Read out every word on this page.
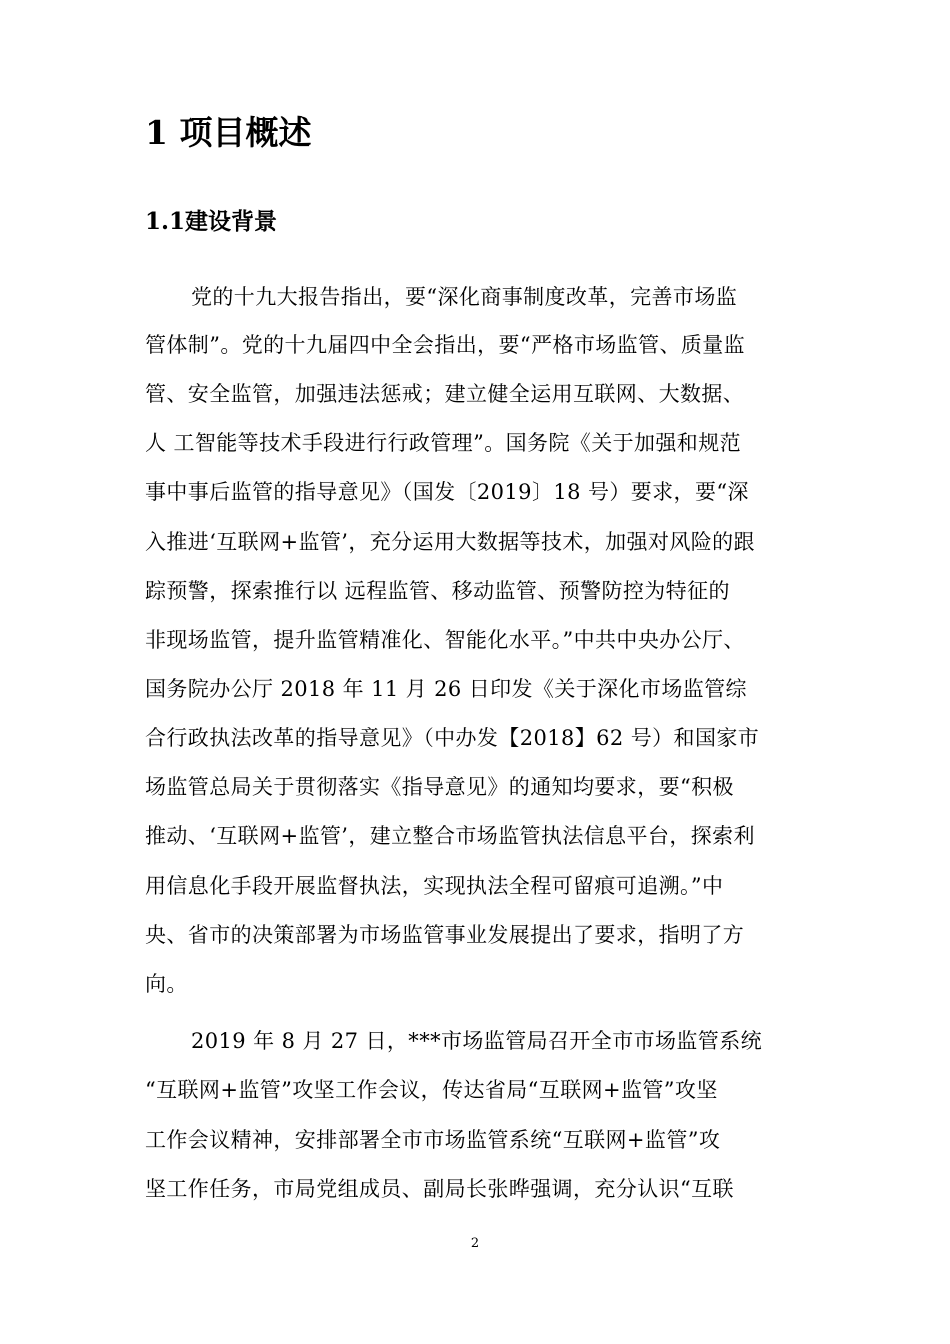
1 项目概述
1.1建设背景

党的十九大报告指出，要“深化商事制度改革，完善市场监

管体制”。党的十九届四中全会指出，要“严格市场监管、质量监

管、安全监管，加强违法惩戒；建立健全运用互联网、大数据、

人 工智能等技术手段进行行政管理”。国务院《关于加强和规范

事中事后监管的指导意见》（国发〔2019〕18 号）要求，要“深

入推进‘互联网+监管’，充分运用大数据等技术，加强对风险的跟

踪预警，探索推行以 远程监管、移动监管、预警防控为特征的

非现场监管，提升监管精准化、智能化水平。”中共中央办公厅、

国务院办公厅 2018 年 11 月 26 日印发《关于深化市场监管综

合行政执法改革的指导意见》（中办发【2018】62 号）和国家市

场监管总局关于贯彻落实《指导意见》的通知均要求，要“积极

推动、‘互联网+监管’，建立整合市场监管执法信息平台，探索利

用信息化手段开展监督执法，实现执法全程可留痕可追溯。”中

央、省市的决策部署为市场监管事业发展提出了要求，指明了方

向。

2019 年 8 月 27 日，***市场监管局召开全市市场监管系统

“互联网+监管”攻坚工作会议，传达省局“互联网+监管”攻坚

工作会议精神，安排部署全市市场监管系统“互联网+监管”攻

坚工作任务，市局党组成员、副局长张晔强调，充分认识“互联

2
